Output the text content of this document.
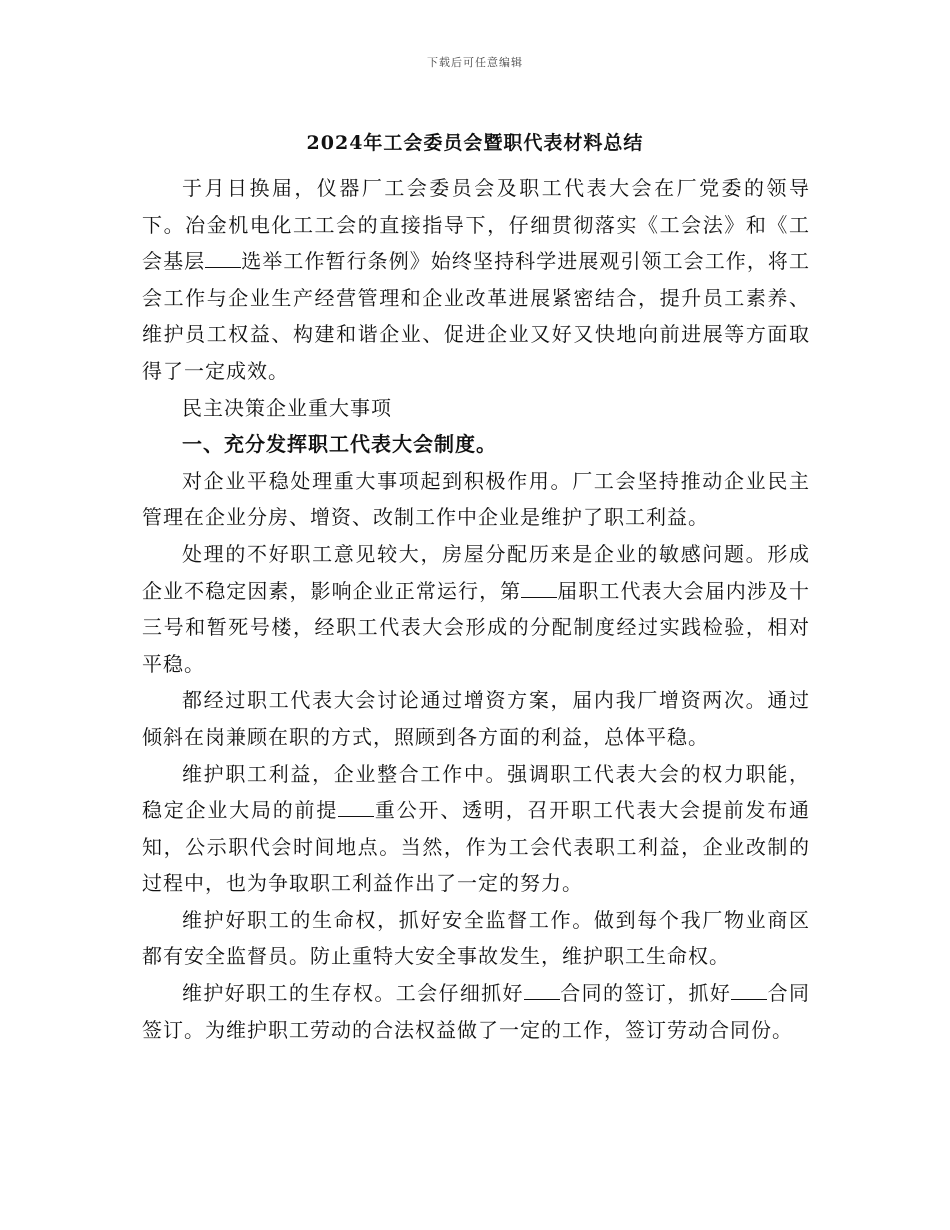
下载后可任意编辑
2024年工会委员会暨职代表材料总结

于月日换届，仪器厂工会委员会及职工代表大会在厂党委的领导下。冶金机电化工工会的直接指导下，仔细贯彻落实《工会法》和《工会基层 选举工作暂行条例》始终坚持科学进展观引领工会工作，将工会工作与企业生产经营管理和企业改革进展紧密结合，提升员工素养、维护员工权益、构建和谐企业、促进企业又好又快地向前进展等方面取得了一定成效。

民主决策企业重大事项

一、充分发挥职工代表大会制度。

对企业平稳处理重大事项起到积极作用。厂工会坚持推动企业民主管理在企业分房、增资、改制工作中企业是维护了职工利益。

处理的不好职工意见较大，房屋分配历来是企业的敏感问题。形成企业不稳定因素，影响企业正常运行，第 届职工代表大会届内涉及十三号和暂死号楼，经职工代表大会形成的分配制度经过实践检验，相对平稳。

都经过职工代表大会讨论通过增资方案，届内我厂增资两次。通过倾斜在岗兼顾在职的方式，照顾到各方面的利益，总体平稳。

维护职工利益，企业整合工作中。强调职工代表大会的权力职能，稳定企业大局的前提 重公开、透明，召开职工代表大会提前发布通知，公示职代会时间地点。当然，作为工会代表职工利益，企业改制的过程中，也为争取职工利益作出了一定的努力。

维护好职工的生命权，抓好安全监督工作。做到每个我厂物业商区都有安全监督员。防止重特大安全事故发生，维护职工生命权。

维护好职工的生存权。工会仔细抓好 合同的签订，抓好 合同签订。为维护职工劳动的合法权益做了一定的工作，签订劳动合同份。
